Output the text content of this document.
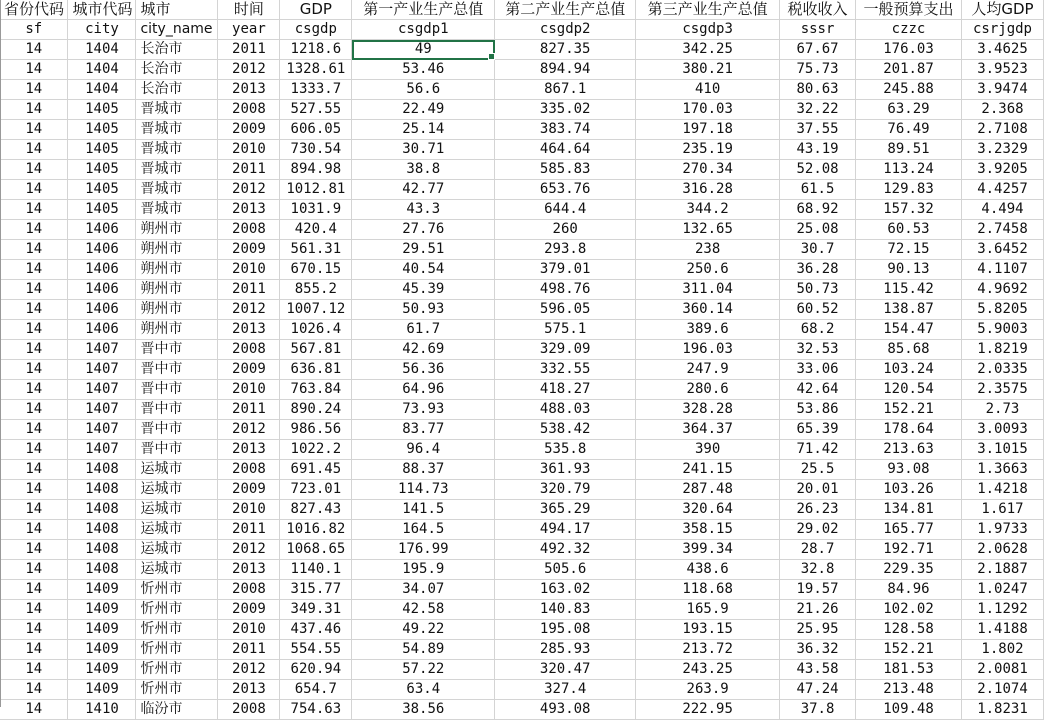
省份代码	城市代码	城市	时间	GDP	第一产业生产总值	第二产业生产总值	第三产业生产总值	税收收入	一般预算支出	人均GDP
sf	city	city_name	year	csgdp	csgdp1	csgdp2	csgdp3	sssr	czzc	csrjgdp
14	1404	长治市	2011	1218.6	49	827.35	342.25	67.67	176.03	3.4625
14	1404	长治市	2012	1328.61	53.46	894.94	380.21	75.73	201.87	3.9523
14	1404	长治市	2013	1333.7	56.6	867.1	410	80.63	245.88	3.9474
14	1405	晋城市	2008	527.55	22.49	335.02	170.03	32.22	63.29	2.368
14	1405	晋城市	2009	606.05	25.14	383.74	197.18	37.55	76.49	2.7108
14	1405	晋城市	2010	730.54	30.71	464.64	235.19	43.19	89.51	3.2329
14	1405	晋城市	2011	894.98	38.8	585.83	270.34	52.08	113.24	3.9205
14	1405	晋城市	2012	1012.81	42.77	653.76	316.28	61.5	129.83	4.4257
14	1405	晋城市	2013	1031.9	43.3	644.4	344.2	68.92	157.32	4.494
14	1406	朔州市	2008	420.4	27.76	260	132.65	25.08	60.53	2.7458
14	1406	朔州市	2009	561.31	29.51	293.8	238	30.7	72.15	3.6452
14	1406	朔州市	2010	670.15	40.54	379.01	250.6	36.28	90.13	4.1107
14	1406	朔州市	2011	855.2	45.39	498.76	311.04	50.73	115.42	4.9692
14	1406	朔州市	2012	1007.12	50.93	596.05	360.14	60.52	138.87	5.8205
14	1406	朔州市	2013	1026.4	61.7	575.1	389.6	68.2	154.47	5.9003
14	1407	晋中市	2008	567.81	42.69	329.09	196.03	32.53	85.68	1.8219
14	1407	晋中市	2009	636.81	56.36	332.55	247.9	33.06	103.24	2.0335
14	1407	晋中市	2010	763.84	64.96	418.27	280.6	42.64	120.54	2.3575
14	1407	晋中市	2011	890.24	73.93	488.03	328.28	53.86	152.21	2.73
14	1407	晋中市	2012	986.56	83.77	538.42	364.37	65.39	178.64	3.0093
14	1407	晋中市	2013	1022.2	96.4	535.8	390	71.42	213.63	3.1015
14	1408	运城市	2008	691.45	88.37	361.93	241.15	25.5	93.08	1.3663
14	1408	运城市	2009	723.01	114.73	320.79	287.48	20.01	103.26	1.4218
14	1408	运城市	2010	827.43	141.5	365.29	320.64	26.23	134.81	1.617
14	1408	运城市	2011	1016.82	164.5	494.17	358.15	29.02	165.77	1.9733
14	1408	运城市	2012	1068.65	176.99	492.32	399.34	28.7	192.71	2.0628
14	1408	运城市	2013	1140.1	195.9	505.6	438.6	32.8	229.35	2.1887
14	1409	忻州市	2008	315.77	34.07	163.02	118.68	19.57	84.96	1.0247
14	1409	忻州市	2009	349.31	42.58	140.83	165.9	21.26	102.02	1.1292
14	1409	忻州市	2010	437.46	49.22	195.08	193.15	25.95	128.58	1.4188
14	1409	忻州市	2011	554.55	54.89	285.93	213.72	36.32	152.21	1.802
14	1409	忻州市	2012	620.94	57.22	320.47	243.25	43.58	181.53	2.0081
14	1409	忻州市	2013	654.7	63.4	327.4	263.9	47.24	213.48	2.1074
14	1410	临汾市	2008	754.63	38.56	493.08	222.95	37.8	109.48	1.8231
